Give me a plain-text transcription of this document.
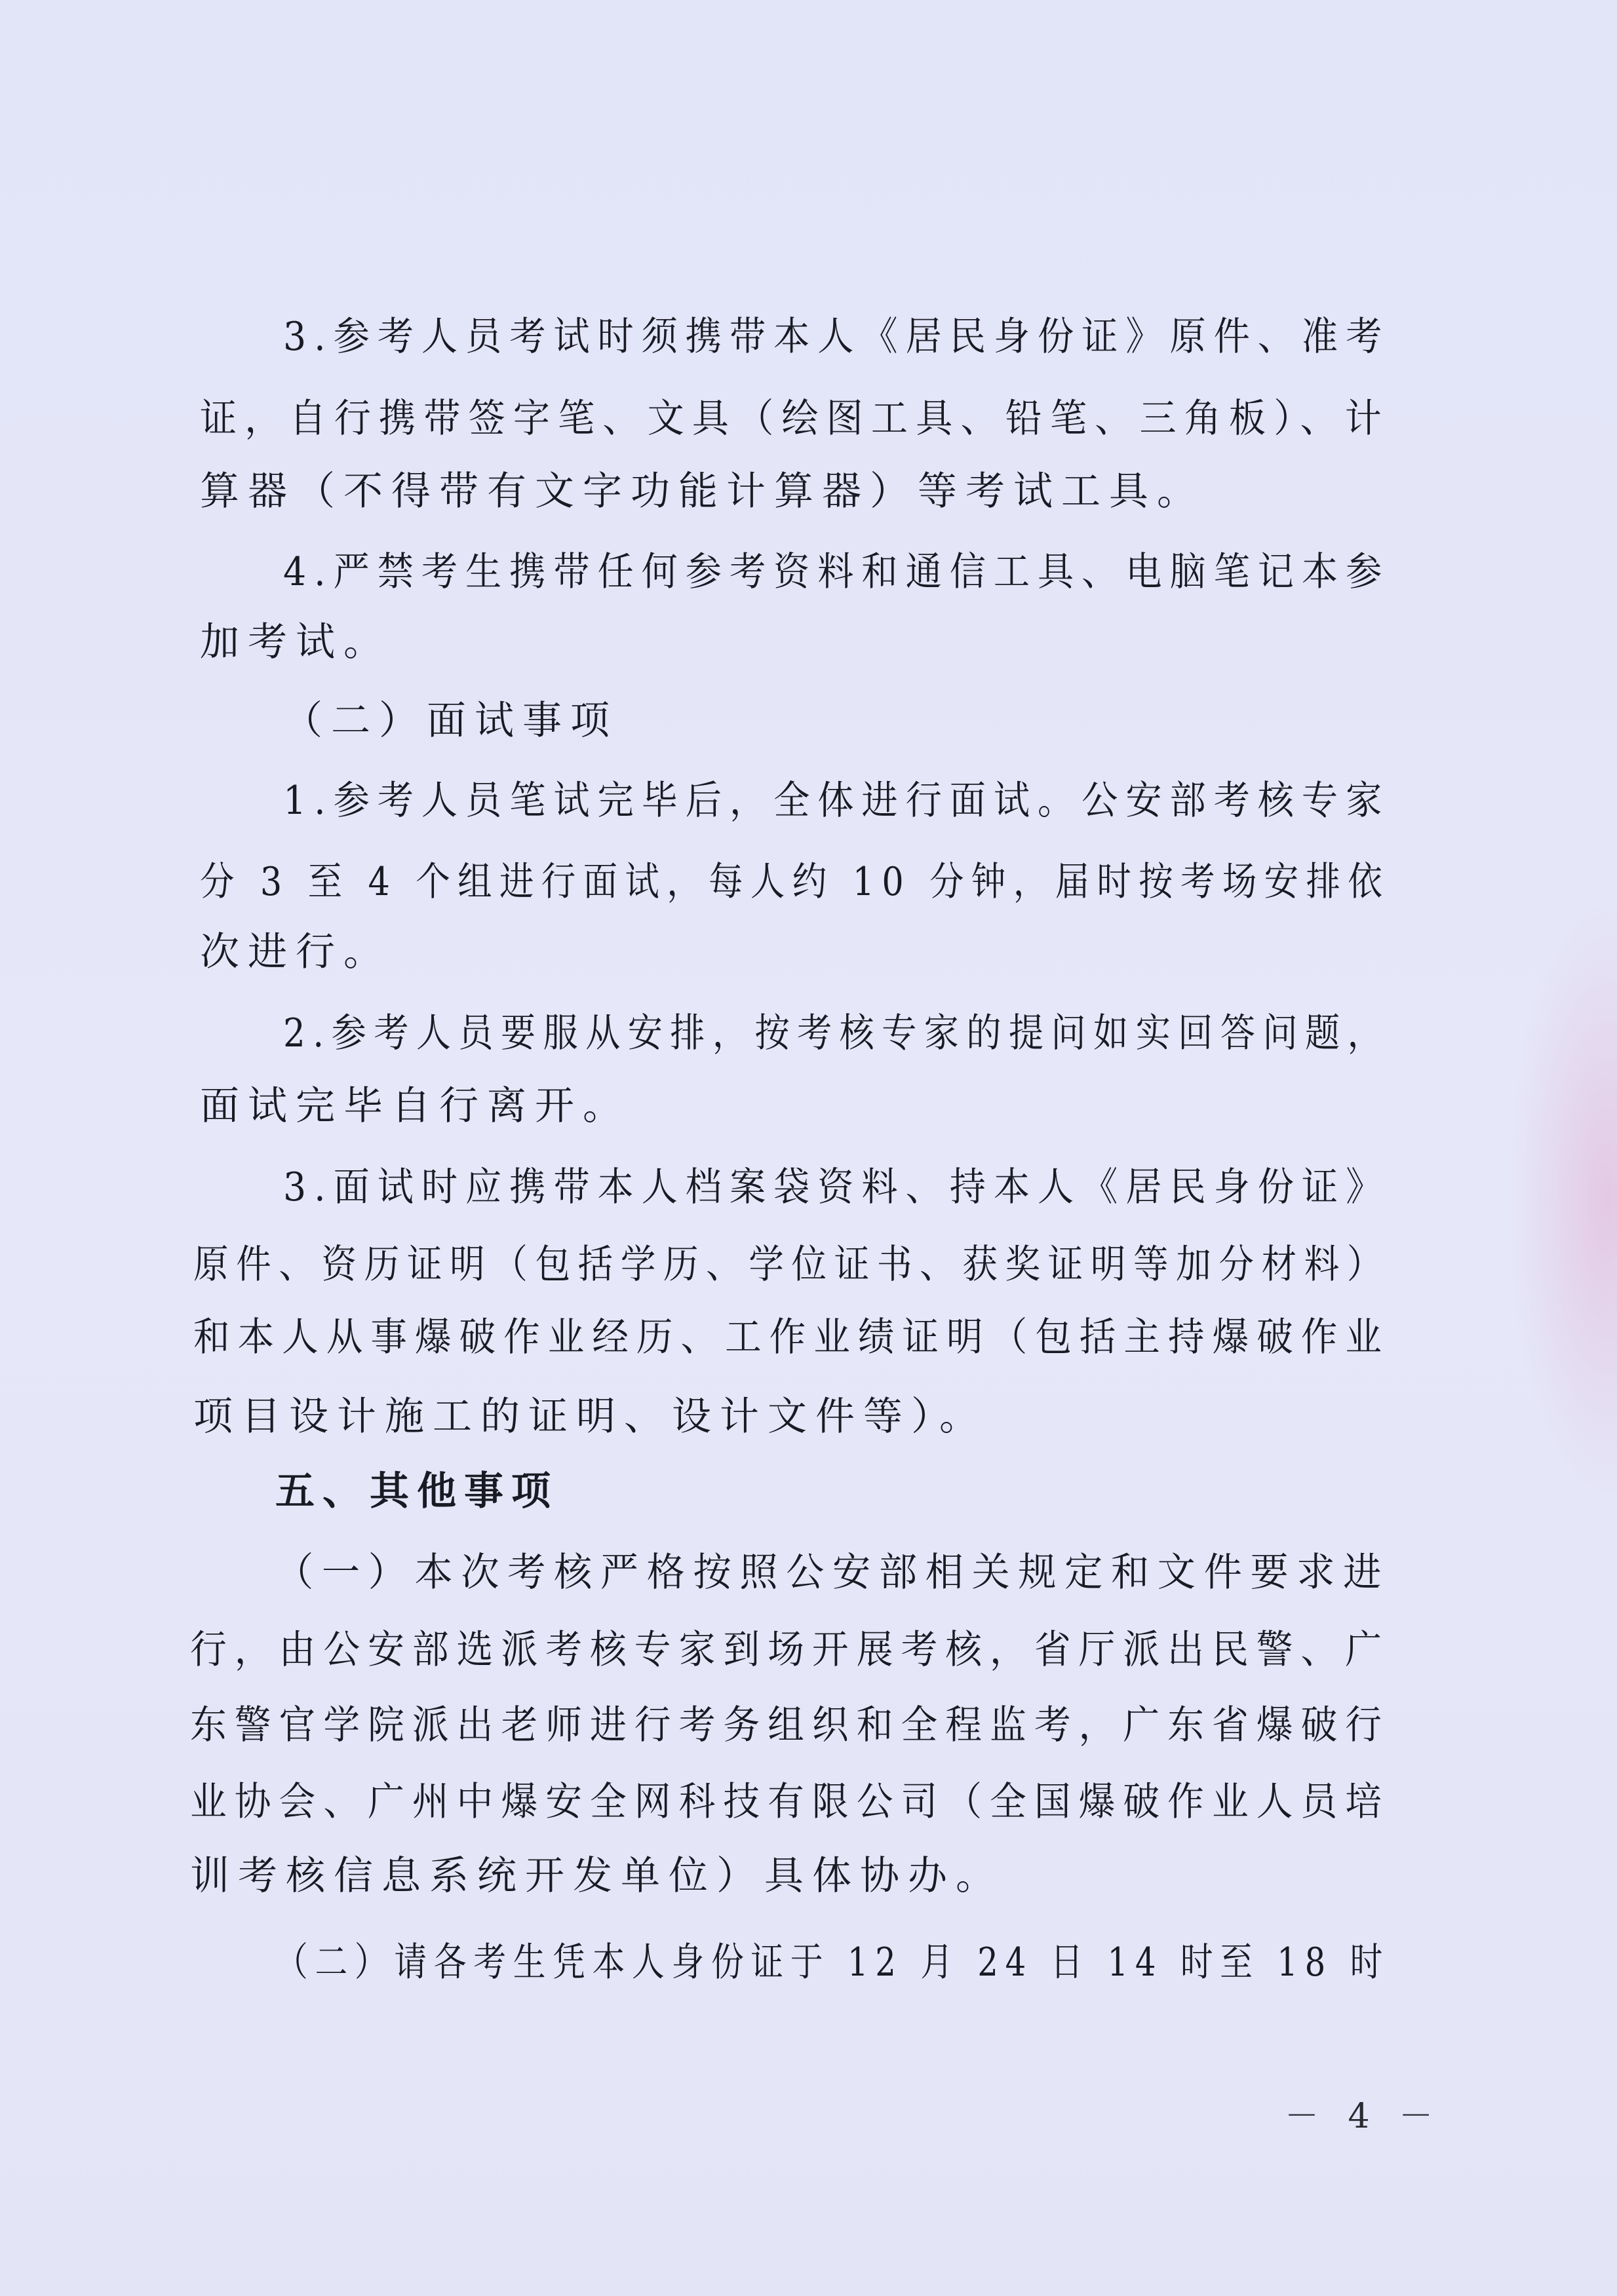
3.参考人员考试时须携带本人《居民身份证》原件、准考
证，自行携带签字笔、文具（绘图工具、铅笔、三角板）、计
算器（不得带有文字功能计算器）等考试工具。
4.严禁考生携带任何参考资料和通信工具、电脑笔记本参
加考试。
（二）面试事项
1.参考人员笔试完毕后，全体进行面试。公安部考核专家
分 3 至 4 个组进行面试，每人约 10 分钟，届时按考场安排依
次进行。
2.参考人员要服从安排，按考核专家的提问如实回答问题，
面试完毕自行离开。
3.面试时应携带本人档案袋资料、持本人《居民身份证》
原件、资历证明（包括学历、学位证书、获奖证明等加分材料）
和本人从事爆破作业经历、工作业绩证明（包括主持爆破作业
项目设计施工的证明、设计文件等）。
五、其他事项
（一）本次考核严格按照公安部相关规定和文件要求进
行，由公安部选派考核专家到场开展考核，省厅派出民警、广
东警官学院派出老师进行考务组织和全程监考，广东省爆破行
业协会、广州中爆安全网科技有限公司（全国爆破作业人员培
训考核信息系统开发单位）具体协办。
（二）请各考生凭本人身份证于 12 月 24 日 14 时至 18 时
－ 4 －
